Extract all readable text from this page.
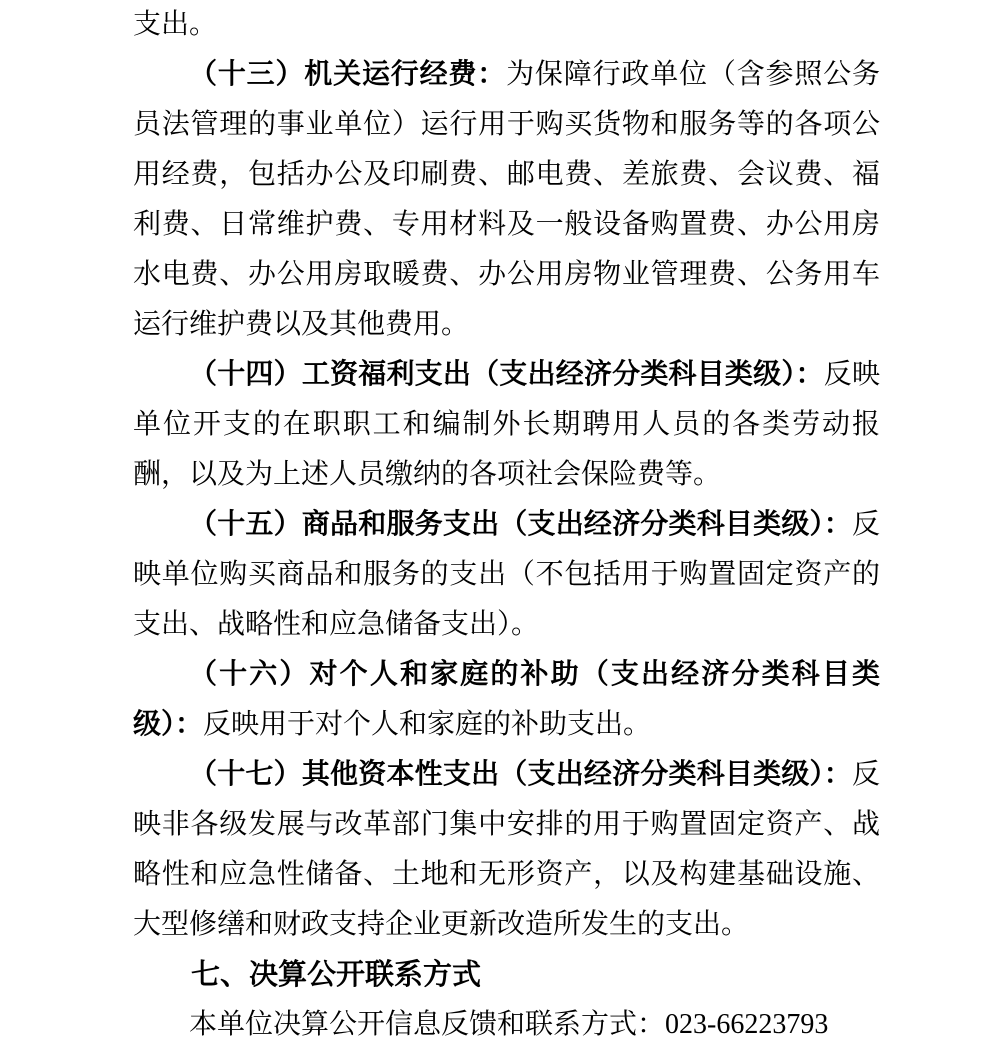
支出。

（十三）机关运行经费：为保障行政单位（含参照公务员法管理的事业单位）运行用于购买货物和服务等的各项公用经费，包括办公及印刷费、邮电费、差旅费、会议费、福利费、日常维护费、专用材料及一般设备购置费、办公用房水电费、办公用房取暖费、办公用房物业管理费、公务用车运行维护费以及其他费用。

（十四）工资福利支出（支出经济分类科目类级）：反映单位开支的在职职工和编制外长期聘用人员的各类劳动报酬，以及为上述人员缴纳的各项社会保险费等。

（十五）商品和服务支出（支出经济分类科目类级）：反映单位购买商品和服务的支出（不包括用于购置固定资产的支出、战略性和应急储备支出）。

（十六）对个人和家庭的补助（支出经济分类科目类级）：反映用于对个人和家庭的补助支出。

（十七）其他资本性支出（支出经济分类科目类级）：反映非各级发展与改革部门集中安排的用于购置固定资产、战略性和应急性储备、土地和无形资产，以及构建基础设施、大型修缮和财政支持企业更新改造所发生的支出。

七、决算公开联系方式

本单位决算公开信息反馈和联系方式：023-66223793
